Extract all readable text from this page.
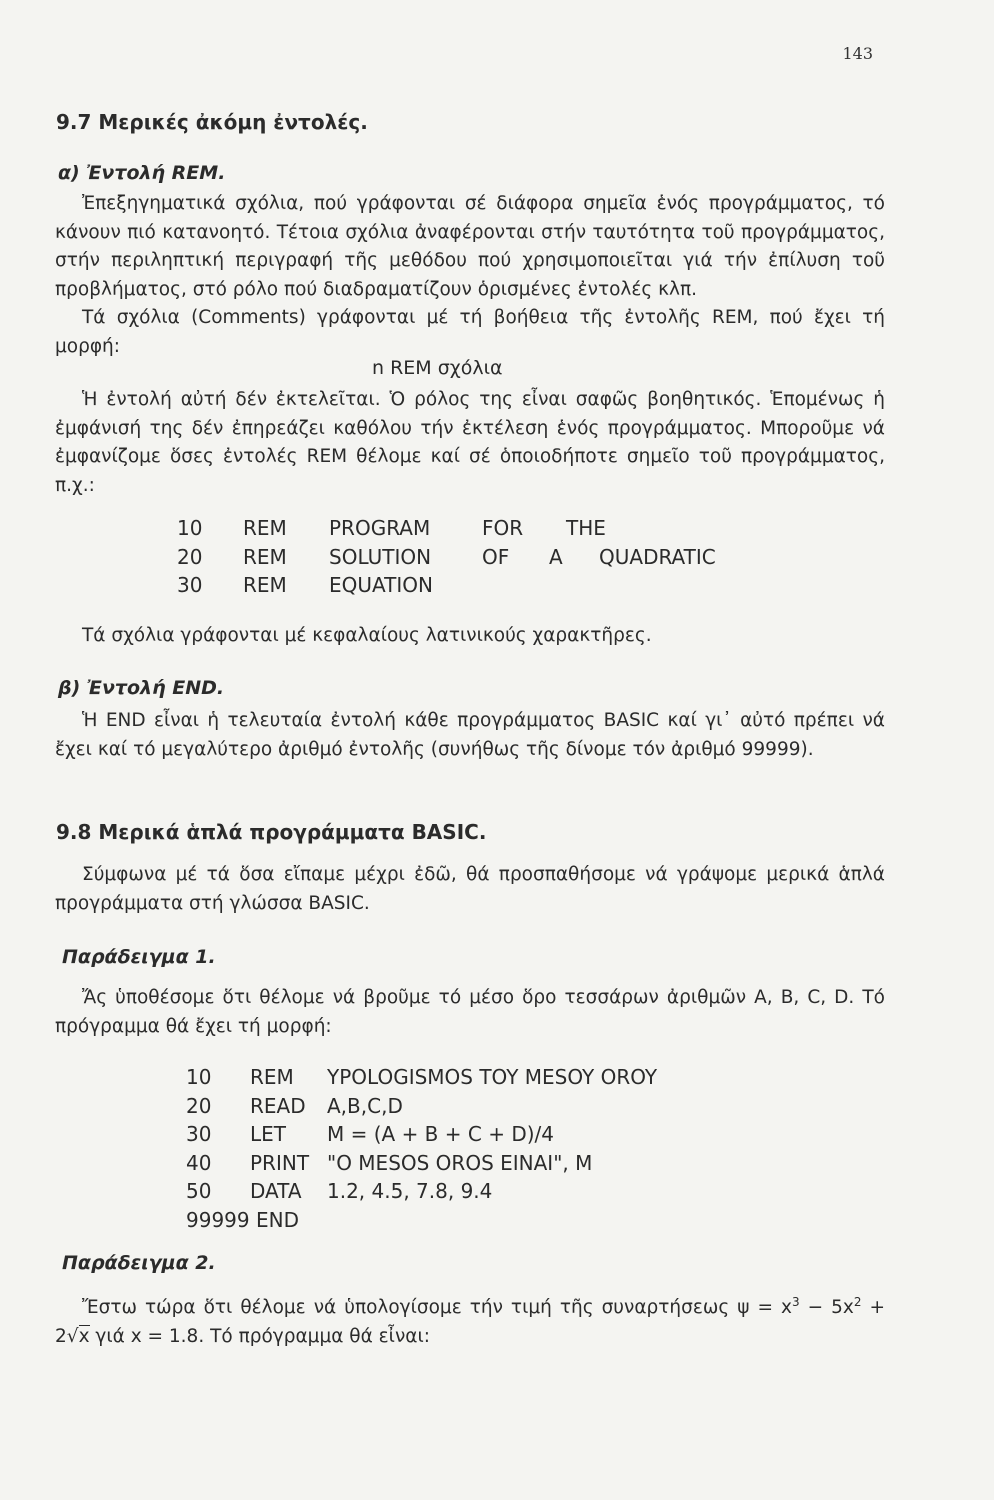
143
9.7 Μερικές ἀκόμη ἐντολές.
α) Ἐντολή REM.

Ἐπεξηγηματικά σχόλια, πού γράφονται σέ διάφορα σημεῖα ἑνός προγράμματος, τό κάνουν πιό κατανοητό. Τέτοια σχόλια ἀναφέρονται στήν ταυτότητα τοῦ προγράμματος, στήν περιληπτική περιγραφή τῆς μεθόδου πού χρησιμοποιεῖται γιά τήν ἐπίλυση τοῦ προβλήματος, στό ρόλο πού διαδραματίζουν ὁρισμένες ἐντολές κλπ.

Τά σχόλια (Comments) γράφονται μέ τή βοήθεια τῆς ἐντολῆς REM, πού ἔχει τή μορφή:

n REM σχόλια

Ἡ ἐντολή αὐτή δέν ἐκτελεῖται. Ὁ ρόλος της εἶναι σαφῶς βοηθητικός. Ἑπομένως ἡ ἐμφάνισή της δέν ἐπηρεάζει καθόλου τήν ἐκτέλεση ἑνός προγράμματος. Μποροῦμε νά ἐμφανίζομε ὅσες ἐντολές REM θέλομε καί σέ ὁποιοδήποτε σημεῖο τοῦ προγράμματος, π.χ.:

10	REM	PROGRAM	FOR	THE
20	REM	SOLUTION	OF	A	QUADRATIC
30	REM	EQUATION

Τά σχόλια γράφονται μέ κεφαλαίους λατινικούς χαρακτῆρες.

β) Ἐντολή END.

Ἡ END εἶναι ἡ τελευταία ἐντολή κάθε προγράμματος BASIC καί γι᾽ αὐτό πρέπει νά ἔχει καί τό μεγαλύτερο ἀριθμό ἐντολῆς (συνήθως τῆς δίνομε τόν ἀριθμό 99999).

9.8 Μερικά ἁπλά προγράμματα BASIC.

Σύμφωνα μέ τά ὅσα εἴπαμε μέχρι ἐδῶ, θά προσπαθήσομε νά γράψομε μερικά ἁπλά προγράμματα στή γλώσσα BASIC.

Παράδειγμα 1.

Ἄς ὑποθέσομε ὅτι θέλομε νά βροῦμε τό μέσο ὅρο τεσσάρων ἀριθμῶν A, B, C, D. Τό πρόγραμμα θά ἔχει τή μορφή:

10	REM	YPOLOGISMOS TOY MESOY OROY
20	READ	A,B,C,D
30	LET	M = (A + B + C + D)/4
40	PRINT "O MESOS OROS EINAI", M
50	DATA	1.2, 4.5, 7.8, 9.4
99999 END
Παράδειγμα 2.

Ἔστω τώρα ὅτι θέλομε νά ὑπολογίσομε τήν τιμή τῆς συναρτήσεως $\psi = x^3 - 5x^2 + 2√x$ γιά x = 1.8. Τό πρόγραμμα θά εἶναι:
